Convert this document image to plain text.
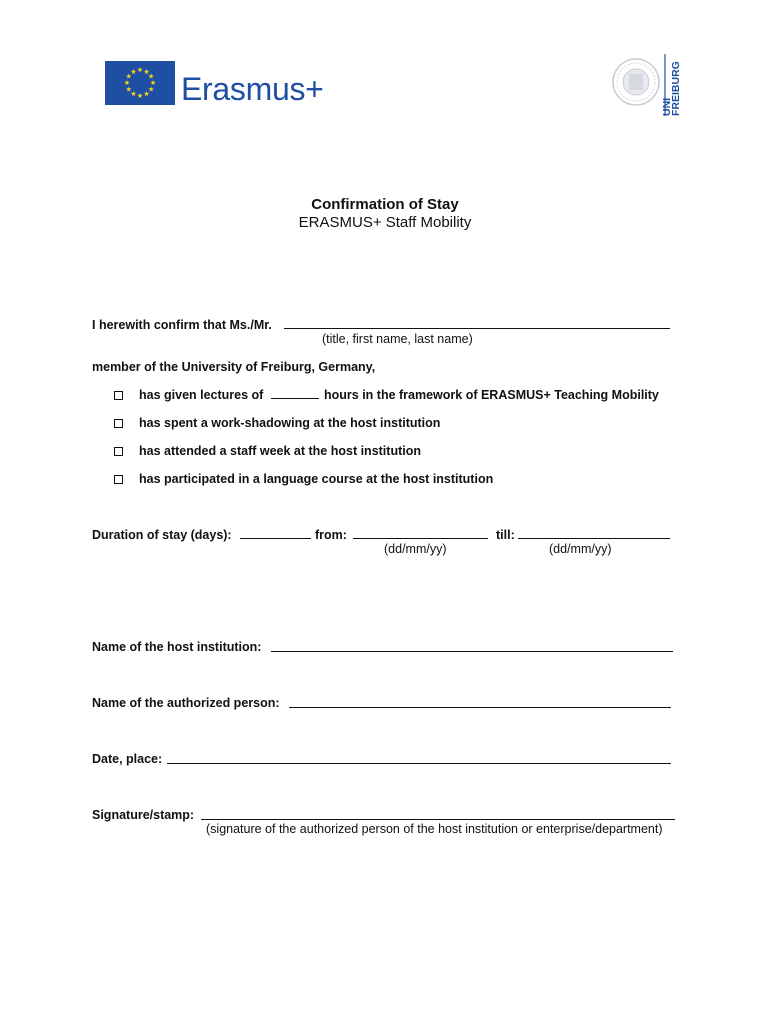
★ ★
★
★
★
★
★
★
★
★
★
★ Erasmus+	UNI
FREIBURG
Confirmation of Stay
ERASMUS+ Staff Mobility
I herewith confirm that Ms./Mr.
(title, first name, last name)
member of the University of Freiburg, Germany,
has given lectures of	hours in the framework of ERASMUS+ Teaching Mobility
has spent a work-shadowing at the host institution
has attended a staff week at the host institution
has participated in a language course at the host institution
Duration of stay (days):	from:	till:
(dd/mm/yy)	(dd/mm/yy)
Name of the host institution:
Name of the authorized person:
Date, place:
Signature/stamp:
(signature of the authorized person of the host institution or enterprise/department)
